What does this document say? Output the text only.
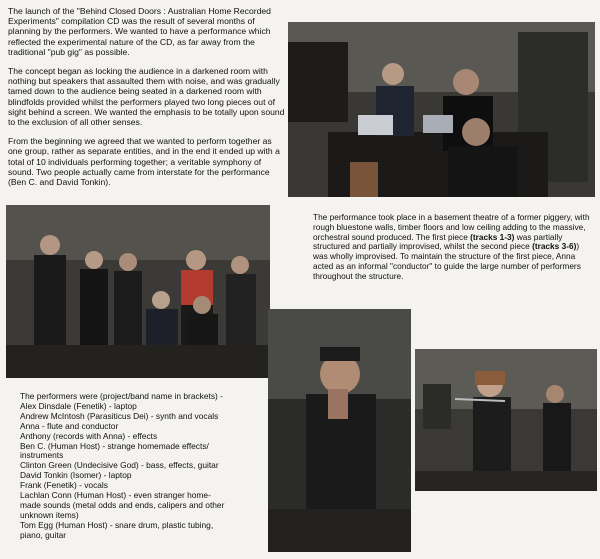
The launch of the "Behind Closed Doors : Australian Home Recorded Experiments" compilation CD was the result of several months of planning by the performers. We wanted to have a performance which reflected the experimental nature of the CD, as far away from the traditional "pub gig" as possible.

The concept began as locking the audience in a darkened room with nothing but speakers that assaulted them with noise, and was gradually tamed down to the audience being seated in a darkened room with blindfolds provided whilst the performers played two long pieces out of sight behind a screen. We wanted the emphasis to be totally upon sound to the exclusion of all other senses.

From the beginning we agreed that we wanted to perform together as one group, rather as separate entities, and in the end it ended up with a total of 10 individuals performing together; a veritable symphony of sound. Two people actually came from interstate for the performance (Ben C. and David Tonkin).

The performance took place in a basement theatre of a former piggery, with rough bluestone walls, timber floors and low ceiling adding to the massive, orchestral sound produced. The first piece (tracks 1-3) was partially structured and partially improvised, whilst the second piece (tracks 3-6)) was wholly improvised. To maintain the structure of the first piece, Anna acted as an informal "conductor" to guide the large number of performers throughout the structure.
The performers were (project/band name in brackets) -
Alex Dinsdale (Fenetik) - laptop
Andrew McIntosh (Parasiticus Dei) - synth and vocals
Anna - flute and conductor
Anthony (records with Anna) - effects
Ben C. (Human Host) - strange homemade effects/
instruments
Clinton Green (Undecisive God) - bass, effects, guitar
David Tonkin (Isomer) - laptop
Frank (Fenetik) - vocals
Lachlan Conn (Human Host) - even stranger home-
made sounds (metal odds and ends, calipers and other
unknown items)
Tom Egg (Human Host) - snare drum, plastic tubing,
piano, guitar
